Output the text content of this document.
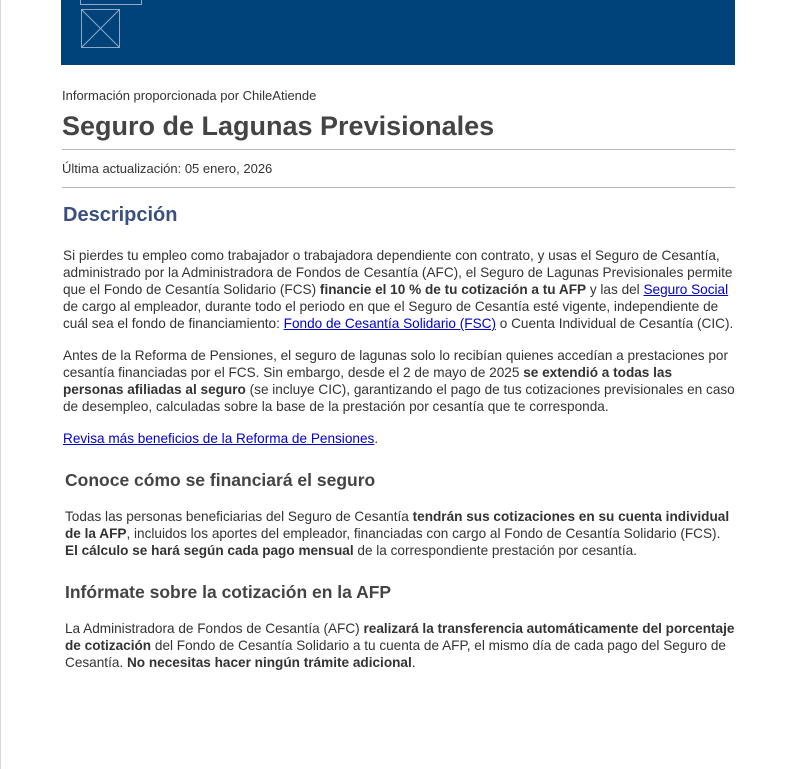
Información proporcionada por ChileAtiende
Seguro de Lagunas Previsionales
Última actualización: 05 enero, 2026
Descripción

Si pierdes tu empleo como trabajador o trabajadora dependiente con contrato, y usas el Seguro de Cesantía, administrado por la Administradora de Fondos de Cesantía (AFC), el Seguro de Lagunas Previsionales permite que el Fondo de Cesantía Solidario (FCS) financie el 10 % de tu cotización a tu AFP y las del Seguro Social de cargo al empleador, durante todo el periodo en que el Seguro de Cesantía esté vigente, independiente de cuál sea el fondo de financiamiento: Fondo de Cesantía Solidario (FSC) o Cuenta Individual de Cesantía (CIC).

Antes de la Reforma de Pensiones, el seguro de lagunas solo lo recibían quienes accedían a prestaciones por cesantía financiadas por el FCS. Sin embargo, desde el 2 de mayo de 2025 se extendió a todas las personas afiliadas al seguro (se incluye CIC), garantizando el pago de tus cotizaciones previsionales en caso de desempleo, calculadas sobre la base de la prestación por cesantía que te corresponda.

Revisa más beneficios de la Reforma de Pensiones.

Conoce cómo se financiará el seguro

Todas las personas beneficiarias del Seguro de Cesantía tendrán sus cotizaciones en su cuenta individual de la AFP, incluidos los aportes del empleador, financiadas con cargo al Fondo de Cesantía Solidario (FCS). El cálculo se hará según cada pago mensual de la correspondiente prestación por cesantía.

Infórmate sobre la cotización en la AFP

La Administradora de Fondos de Cesantía (AFC) realizará la transferencia automáticamente del porcentaje de cotización del Fondo de Cesantía Solidario a tu cuenta de AFP, el mismo día de cada pago del Seguro de Cesantía. No necesitas hacer ningún trámite adicional.
